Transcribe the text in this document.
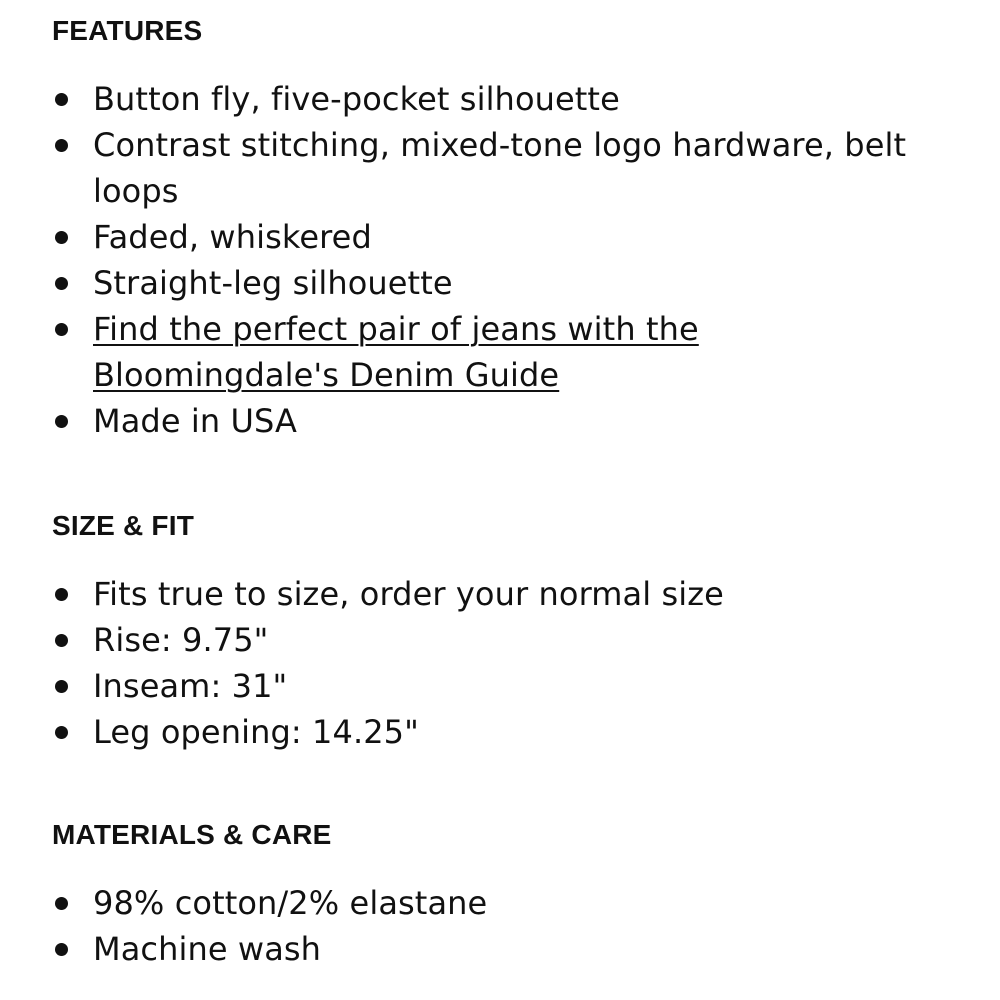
FEATURES
Button fly, five-pocket silhouette
Contrast stitching, mixed-tone logo hardware, belt loops
Faded, whiskered
Straight-leg silhouette
Find the perfect pair of jeans with the Bloomingdale's Denim Guide
Made in USA
SIZE & FIT
Fits true to size, order your normal size
Rise: 9.75"
Inseam: 31"
Leg opening: 14.25"
MATERIALS & CARE
98% cotton/2% elastane
Machine wash
